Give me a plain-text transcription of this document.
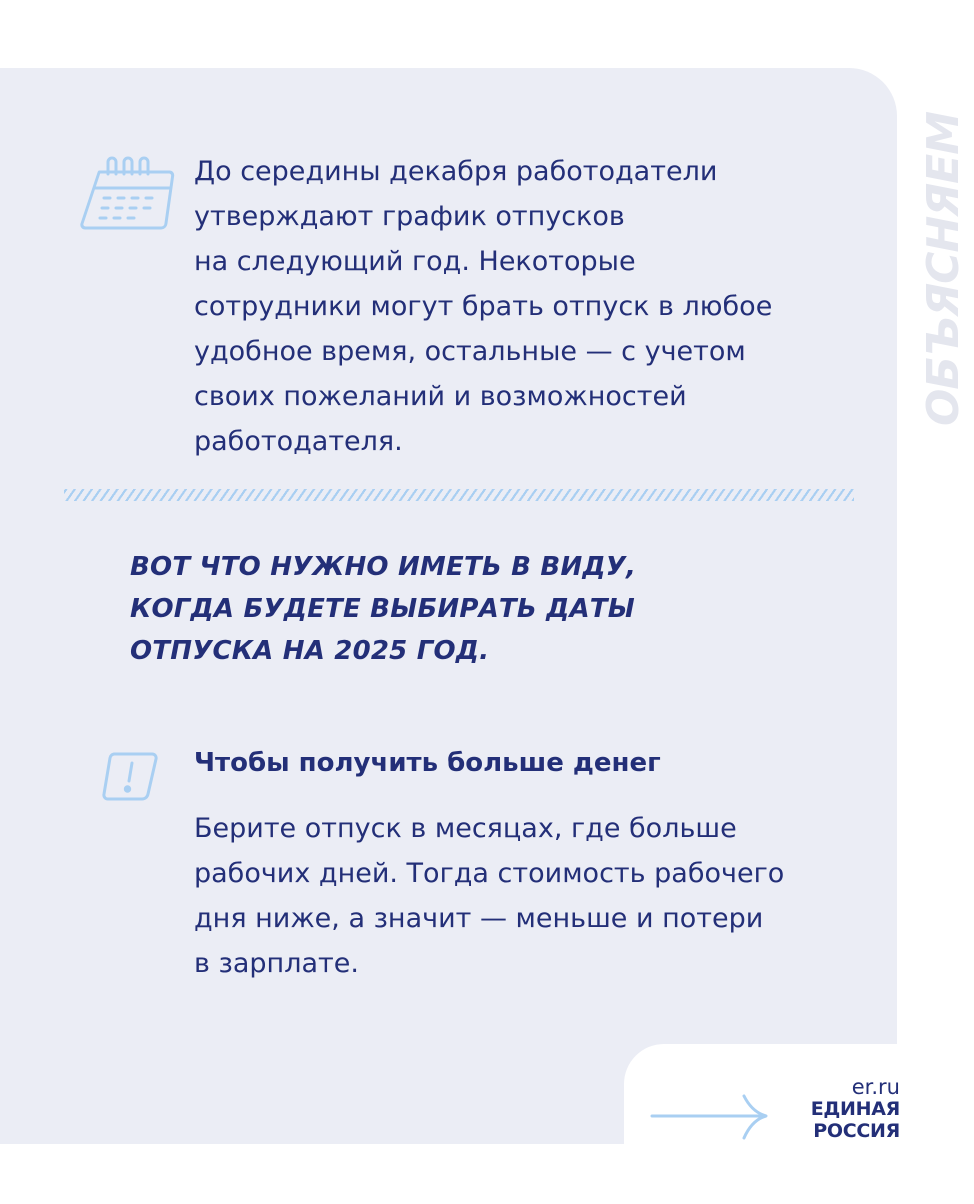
ОБЪЯСНЯЕМ
До середины декабря работодатели
утверждают график отпусков
на следующий год. Некоторые
сотрудники могут брать отпуск в любое
удобное время, остальные — с учетом
своих пожеланий и возможностей
работодателя.
ВОТ ЧТО НУЖНО ИМЕТЬ В ВИДУ,
КОГДА БУДЕТЕ ВЫБИРАТЬ ДАТЫ
ОТПУСКА НА 2025 ГОД.
Чтобы получить больше денег
Берите отпуск в месяцах, где больше
рабочих дней. Тогда стоимость рабочего
дня ниже, а значит — меньше и потери
в зарплате.
er.ru
ЕДИНАЯ
РОССИЯ
